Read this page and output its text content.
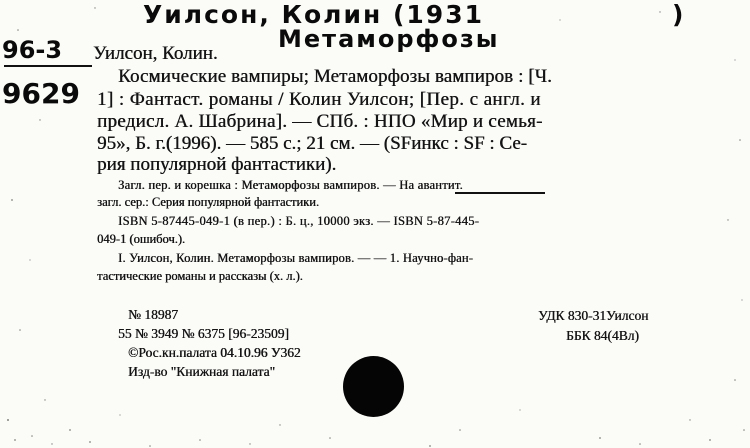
Уилсон, Колин (1931	)
Метаморфозы
96-3
9629
Уилсон, Колин.
Космические вампиры; Метаморфозы вампиров : [Ч.
1] : Фантаст. романы / Колин Уилсон; [Пер. с англ. и
предисл. А. Шабрина]. — СПб. : НПО «Мир и семья-
95», Б. г.(1996). — 585 с.; 21 см. — (SFинкс : SF : Се-
рия популярной фантастики).
Загл. пер. и корешка : Метаморфозы вампиров. — На авантит.
загл. сер.: Серия популярной фантастики.
ISBN 5-87445-049-1 (в пер.) : Б. ц., 10000 экз. — ISBN 5-87-445-
049-1 (ошибоч.).
I. Уилсон, Колин. Метаморфозы вампиров. — — 1. Научно-фан-
тастические романы и рассказы (х. л.).
№ 18987
55 № 3949 № 6375 [96-23509]
©Рос.кн.палата 04.10.96 У362
Изд-во "Книжная палата"
УДК 830-31Уилсон
ББК 84(4Вл)
